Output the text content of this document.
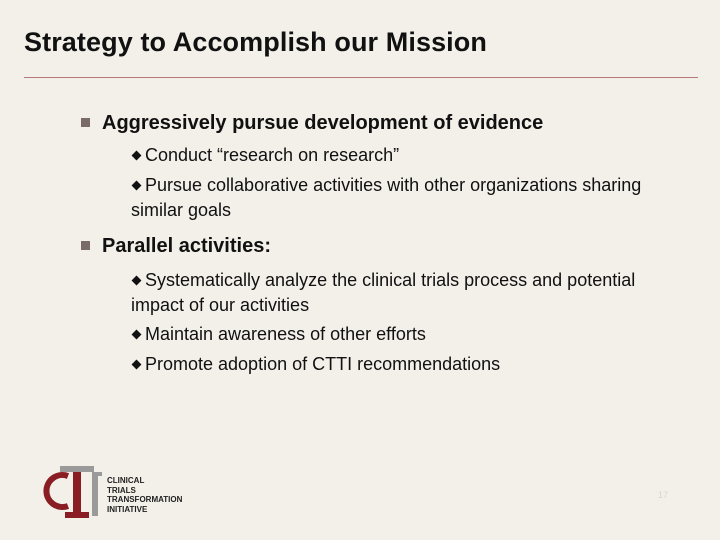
Strategy to Accomplish our Mission
Aggressively pursue development of evidence
Conduct “research on research”
Pursue collaborative activities with other organizations sharing similar goals
Parallel activities:
Systematically analyze the clinical trials process and potential impact of our activities
Maintain awareness of other efforts
Promote adoption of CTTI recommendations
CLINICAL
TRIALS
TRANSFORMATION
INITIATIVE
17
